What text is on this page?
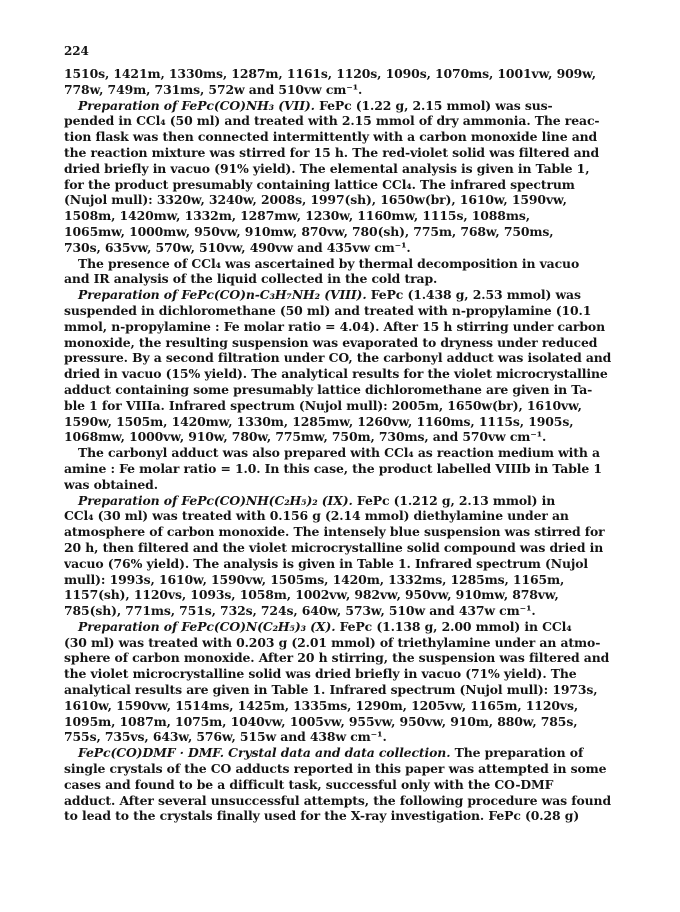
224
1510s, 1421m, 1330ms, 1287m, 1161s, 1120s, 1090s, 1070ms, 1001vw, 909w,
778w, 749m, 731ms, 572w and 510vw cm⁻¹.
Preparation of FePc(CO)NH₃ (VII). FePc (1.22 g, 2.15 mmol) was sus-
pended in CCl₄ (50 ml) and treated with 2.15 mmol of dry ammonia. The reac-
tion flask was then connected intermittently with a carbon monoxide line and
the reaction mixture was stirred for 15 h. The red-violet solid was filtered and
dried briefly in vacuo (91% yield). The elemental analysis is given in Table 1,
for the product presumably containing lattice CCl₄. The infrared spectrum
(Nujol mull): 3320w, 3240w, 2008s, 1997(sh), 1650w(br), 1610w, 1590vw,
1508m, 1420mw, 1332m, 1287mw, 1230w, 1160mw, 1115s, 1088ms,
1065mw, 1000mw, 950vw, 910mw, 870vw, 780(sh), 775m, 768w, 750ms,
730s, 635vw, 570w, 510vw, 490vw and 435vw cm⁻¹.
The presence of CCl₄ was ascertained by thermal decomposition in vacuo
and IR analysis of the liquid collected in the cold trap.
Preparation of FePc(CO)n-C₃H₇NH₂ (VIII). FePc (1.438 g, 2.53 mmol) was
suspended in dichloromethane (50 ml) and treated with n-propylamine (10.1
mmol, n-propylamine : Fe molar ratio = 4.04). After 15 h stirring under carbon
monoxide, the resulting suspension was evaporated to dryness under reduced
pressure. By a second filtration under CO, the carbonyl adduct was isolated and
dried in vacuo (15% yield). The analytical results for the violet microcrystalline
adduct containing some presumably lattice dichloromethane are given in Ta-
ble 1 for VIIIa. Infrared spectrum (Nujol mull): 2005m, 1650w(br), 1610vw,
1590w, 1505m, 1420mw, 1330m, 1285mw, 1260vw, 1160ms, 1115s, 1905s,
1068mw, 1000vw, 910w, 780w, 775mw, 750m, 730ms, and 570vw cm⁻¹.
The carbonyl adduct was also prepared with CCl₄ as reaction medium with a
amine : Fe molar ratio = 1.0. In this case, the product labelled VIIIb in Table 1
was obtained.
Preparation of FePc(CO)NH(C₂H₅)₂ (IX). FePc (1.212 g, 2.13 mmol) in
CCl₄ (30 ml) was treated with 0.156 g (2.14 mmol) diethylamine under an
atmosphere of carbon monoxide. The intensely blue suspension was stirred for
20 h, then filtered and the violet microcrystalline solid compound was dried in
vacuo (76% yield). The analysis is given in Table 1. Infrared spectrum (Nujol
mull): 1993s, 1610w, 1590vw, 1505ms, 1420m, 1332ms, 1285ms, 1165m,
1157(sh), 1120vs, 1093s, 1058m, 1002vw, 982vw, 950vw, 910mw, 878vw,
785(sh), 771ms, 751s, 732s, 724s, 640w, 573w, 510w and 437w cm⁻¹.
Preparation of FePc(CO)N(C₂H₅)₃ (X). FePc (1.138 g, 2.00 mmol) in CCl₄
(30 ml) was treated with 0.203 g (2.01 mmol) of triethylamine under an atmo-
sphere of carbon monoxide. After 20 h stirring, the suspension was filtered and
the violet microcrystalline solid was dried briefly in vacuo (71% yield). The
analytical results are given in Table 1. Infrared spectrum (Nujol mull): 1973s,
1610w, 1590vw, 1514ms, 1425m, 1335ms, 1290m, 1205vw, 1165m, 1120vs,
1095m, 1087m, 1075m, 1040vw, 1005vw, 955vw, 950vw, 910m, 880w, 785s,
755s, 735vs, 643w, 576w, 515w and 438w cm⁻¹.
FePc(CO)DMF · DMF. Crystal data and data collection. The preparation of
single crystals of the CO adducts reported in this paper was attempted in some
cases and found to be a difficult task, successful only with the CO-DMF
adduct. After several unsuccessful attempts, the following procedure was found
to lead to the crystals finally used for the X-ray investigation. FePc (0.28 g)
